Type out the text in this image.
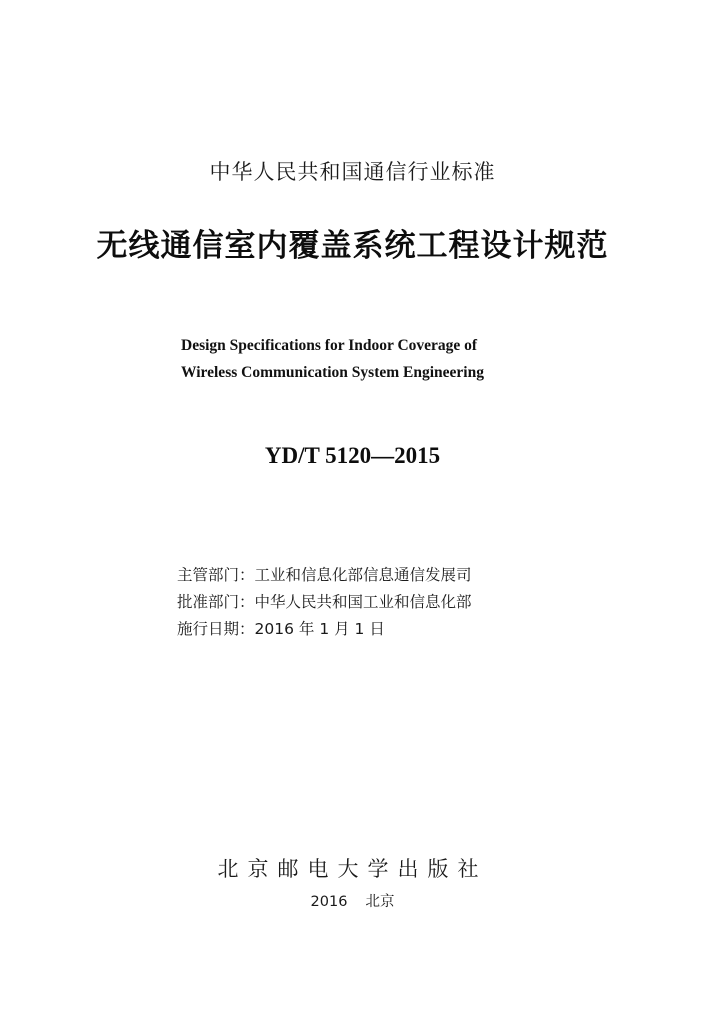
中华人民共和国通信行业标准
无线通信室内覆盖系统工程设计规范
Design Specifications for Indoor Coverage of
Wireless Communication System Engineering
YD/T 5120—2015
主管部门：工业和信息化部信息通信发展司
批准部门：中华人民共和国工业和信息化部
施行日期：2016 年 1 月 1 日
北京邮电大学出版社
2016 北京
